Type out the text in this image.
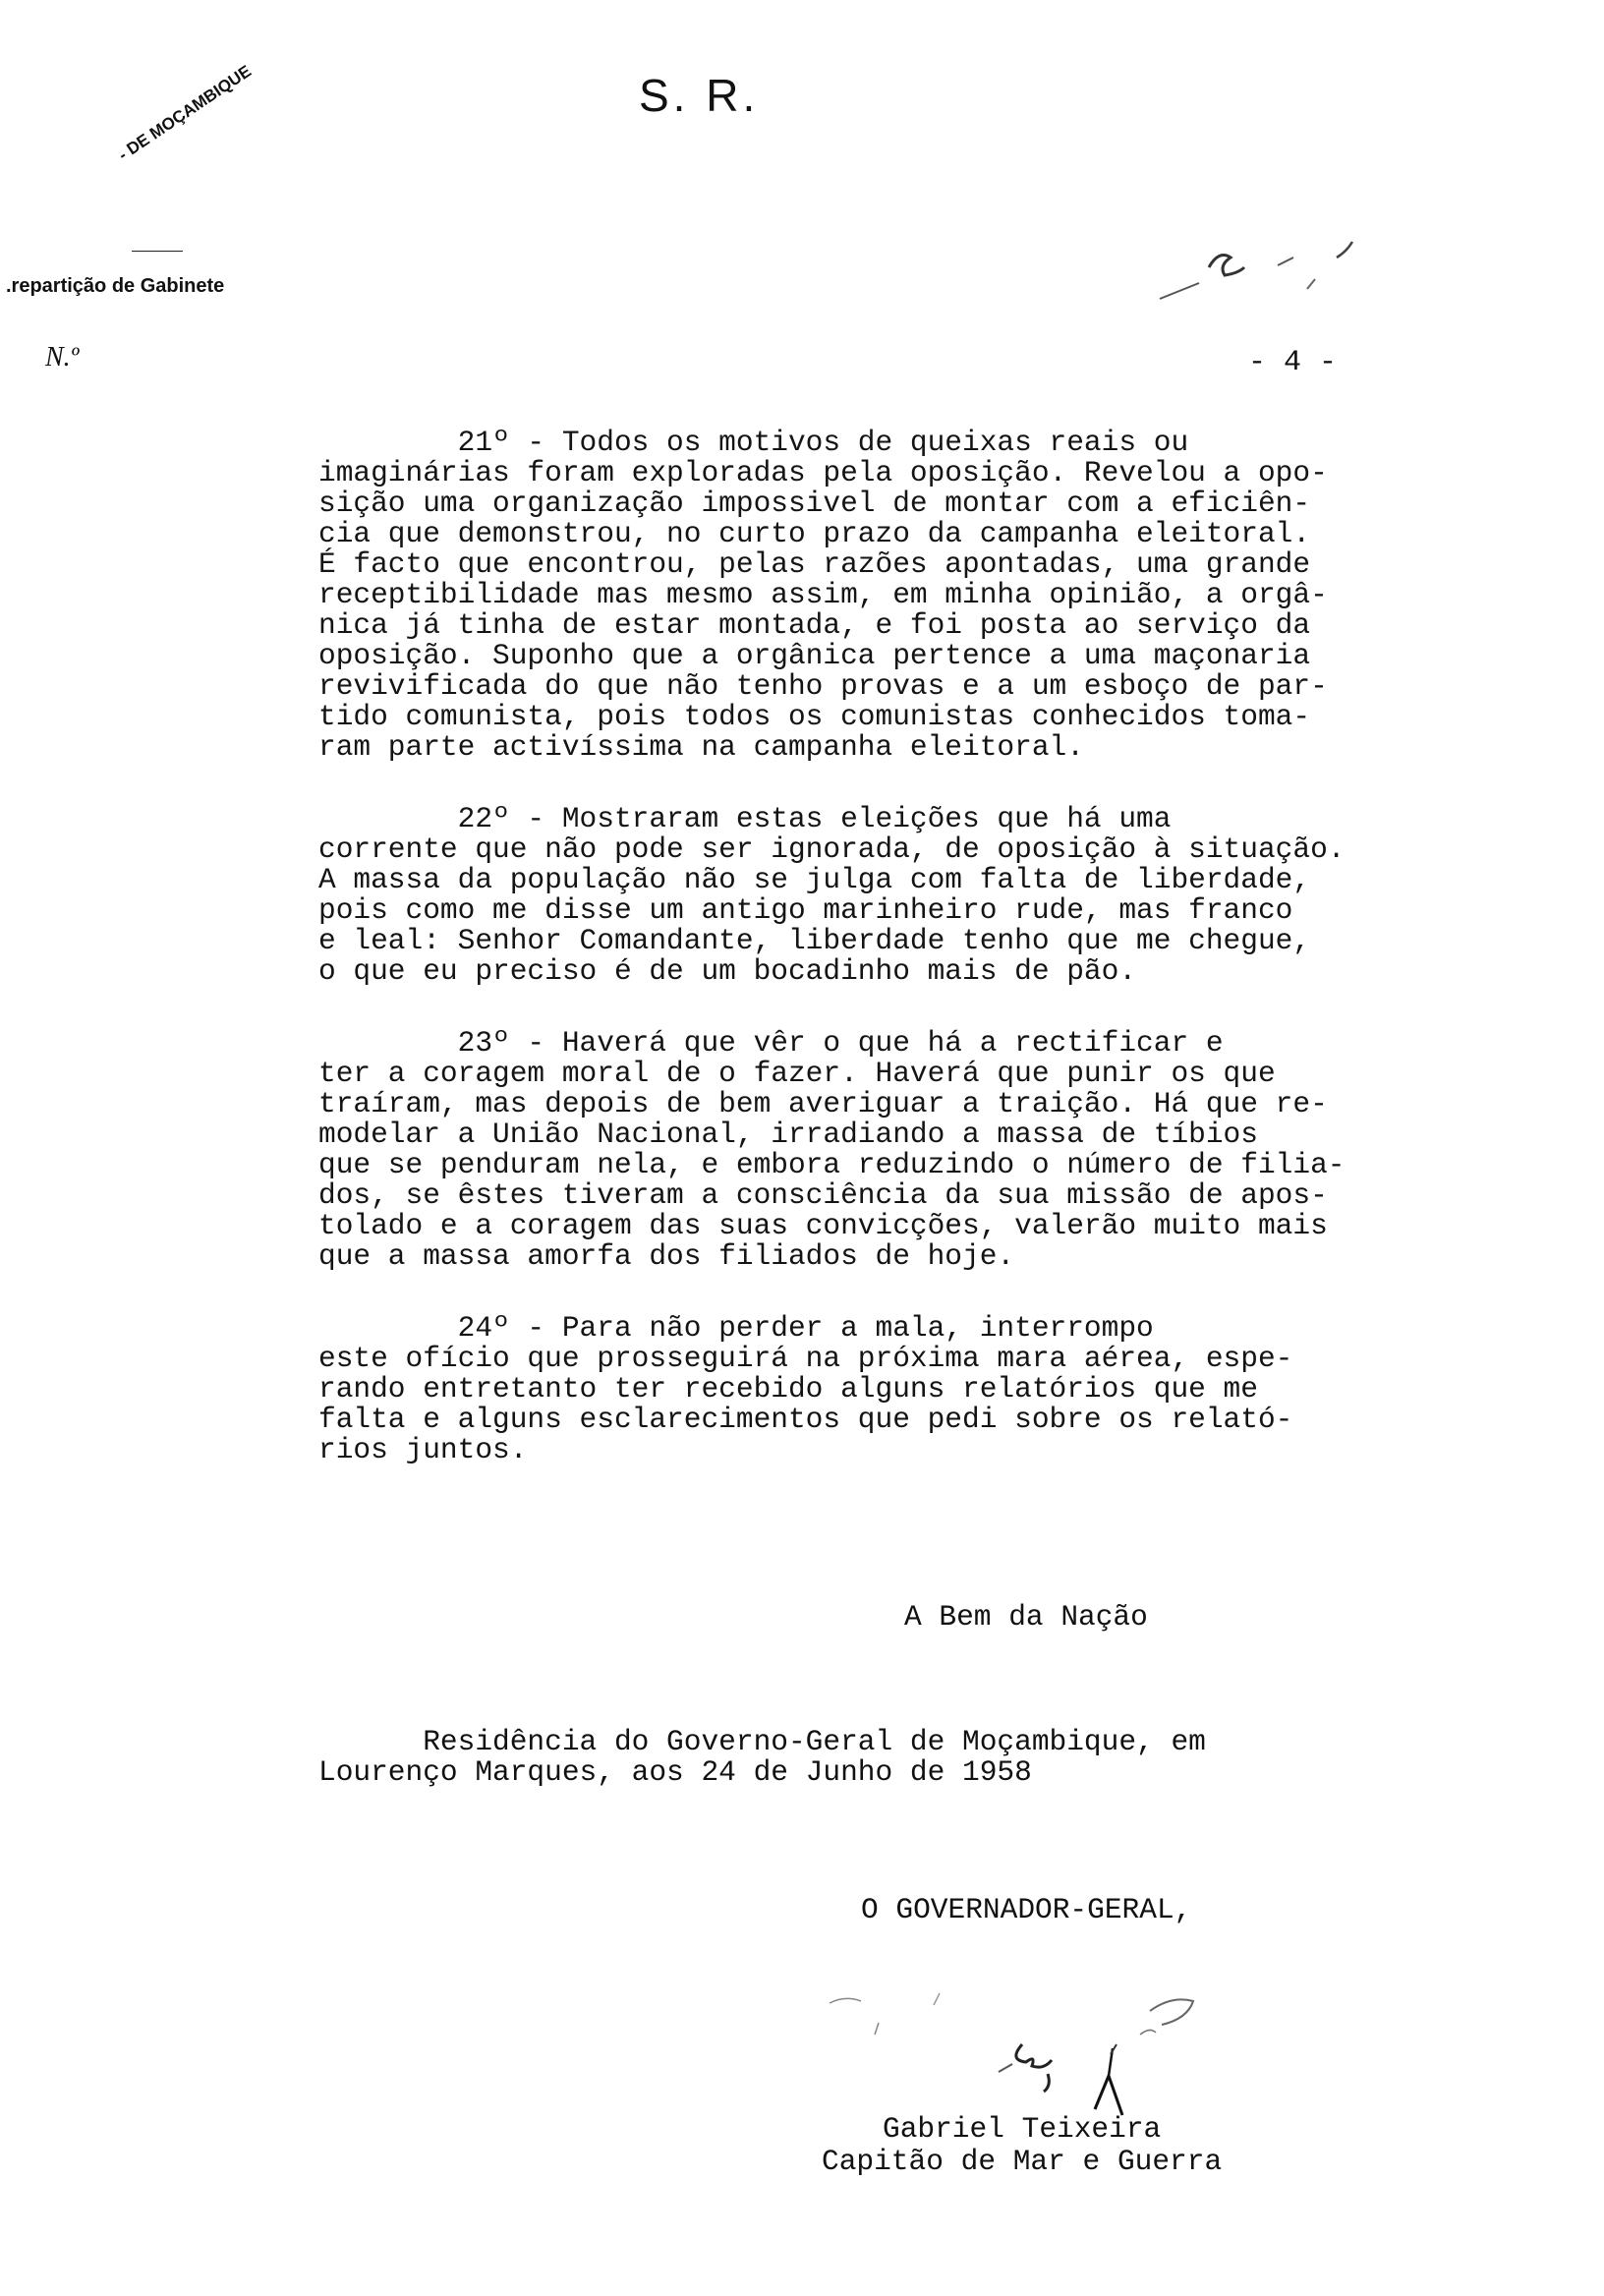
S. R.
- DE MOÇAMBIQUE
.repartição de Gabinete
N.º	- 4 -
21º - Todos os motivos de queixas reais ou
imaginárias foram exploradas pela oposição. Revelou a opo-
sição uma organização impossivel de montar com a eficiên-
cia que demonstrou, no curto prazo da campanha eleitoral.
É facto que encontrou, pelas razões apontadas, uma grande
receptibilidade mas mesmo assim, em minha opinião, a orgâ-
nica já tinha de estar montada, e foi posta ao serviço da
oposição. Suponho que a orgânica pertence a uma maçonaria
revivificada do que não tenho provas e a um esboço de par-
tido comunista, pois todos os comunistas conhecidos toma-
ram parte activíssima na campanha eleitoral.
22º - Mostraram estas eleições que há uma
corrente que não pode ser ignorada, de oposição à situação.
A massa da população não se julga com falta de liberdade,
pois como me disse um antigo marinheiro rude, mas franco
e leal: Senhor Comandante, liberdade tenho que me chegue,
o que eu preciso é de um bocadinho mais de pão.
23º - Haverá que vêr o que há a rectificar e
ter a coragem moral de o fazer. Haverá que punir os que
traíram, mas depois de bem averiguar a traição. Há que re-
modelar a União Nacional, irradiando a massa de tíbios
que se penduram nela, e embora reduzindo o número de filia-
dos, se êstes tiveram a consciência da sua missão de apos-
tolado e a coragem das suas convicções, valerão muito mais
que a massa amorfa dos filiados de hoje.
24º - Para não perder a mala, interrompo
este ofício que prosseguirá na próxima mara aérea, espe-
rando entretanto ter recebido alguns relatórios que me
falta e alguns esclarecimentos que pedi sobre os relató-
rios juntos.
A Bem da Nação
Residência do Governo-Geral de Moçambique, em
Lourenço Marques, aos 24 de Junho de 1958
O GOVERNADOR-GERAL,
Gabriel Teixeira
Capitão de Mar e Guerra
